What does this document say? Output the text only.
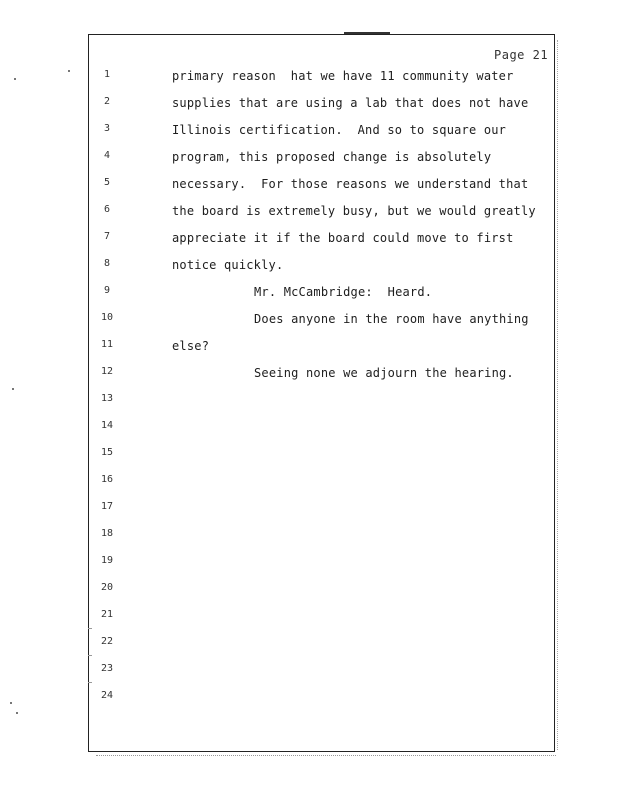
Page 21
1
2
3
4
5
6
7
8
9
10
11
12
13
14
15
16
17
18
19
20
21
22
23
24
primary reason  hat we have 11 community water
supplies that are using a lab that does not have
Illinois certification.  And so to square our
program, this proposed change is absolutely
necessary.  For those reasons we understand that
the board is extremely busy, but we would greatly
appreciate it if the board could move to first
notice quickly.
Mr. McCambridge:  Heard.
Does anyone in the room have anything
else?
Seeing none we adjourn the hearing.
